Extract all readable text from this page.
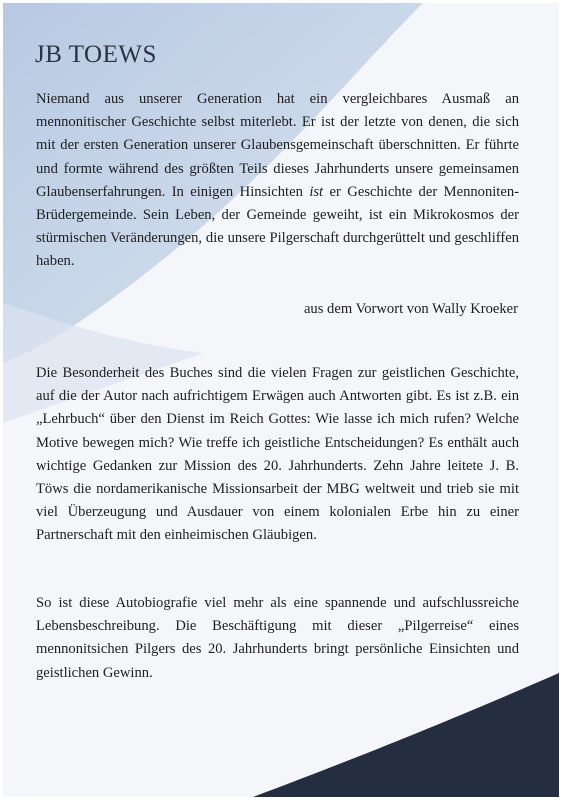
JB TOEWS
Niemand aus unserer Generation hat ein vergleichbares Ausmaß an mennonitischer Geschichte selbst miterlebt. Er ist der letzte von denen, die sich mit der ersten Generation unserer Glaubensgemeinschaft überschnitten. Er führte und formte während des größten Teils dieses Jahrhunderts unsere gemeinsamen Glaubenserfahrungen. In einigen Hinsichten ist er Geschichte der Mennoniten-Brüdergemeinde. Sein Leben, der Gemeinde geweiht, ist ein Mikrokosmos der stürmischen Veränderungen, die unsere Pilgerschaft durchgerüttelt und geschliffen haben.
aus dem Vorwort von Wally Kroeker
Die Besonderheit des Buches sind die vielen Fragen zur geistlichen Geschichte, auf die der Autor nach aufrichtigem Erwägen auch Antworten gibt. Es ist z.B. ein „Lehrbuch“ über den Dienst im Reich Gottes: Wie lasse ich mich rufen? Welche Motive bewegen mich? Wie treffe ich geistliche Entscheidungen? Es enthält auch wichtige Gedanken zur Mission des 20. Jahrhunderts. Zehn Jahre leitete J. B. Töws die nordamerikanische Missionsarbeit der MBG weltweit und trieb sie mit viel Überzeugung und Ausdauer von einem kolonialen Erbe hin zu einer Partnerschaft mit den einheimischen Gläubigen.
So ist diese Autobiografie viel mehr als eine spannende und aufschlussreiche Lebensbeschreibung. Die Beschäftigung mit dieser „Pilgerreise“ eines mennonitsichen Pilgers des 20. Jahrhunderts bringt persönliche Einsichten und geistlichen Gewinn.
